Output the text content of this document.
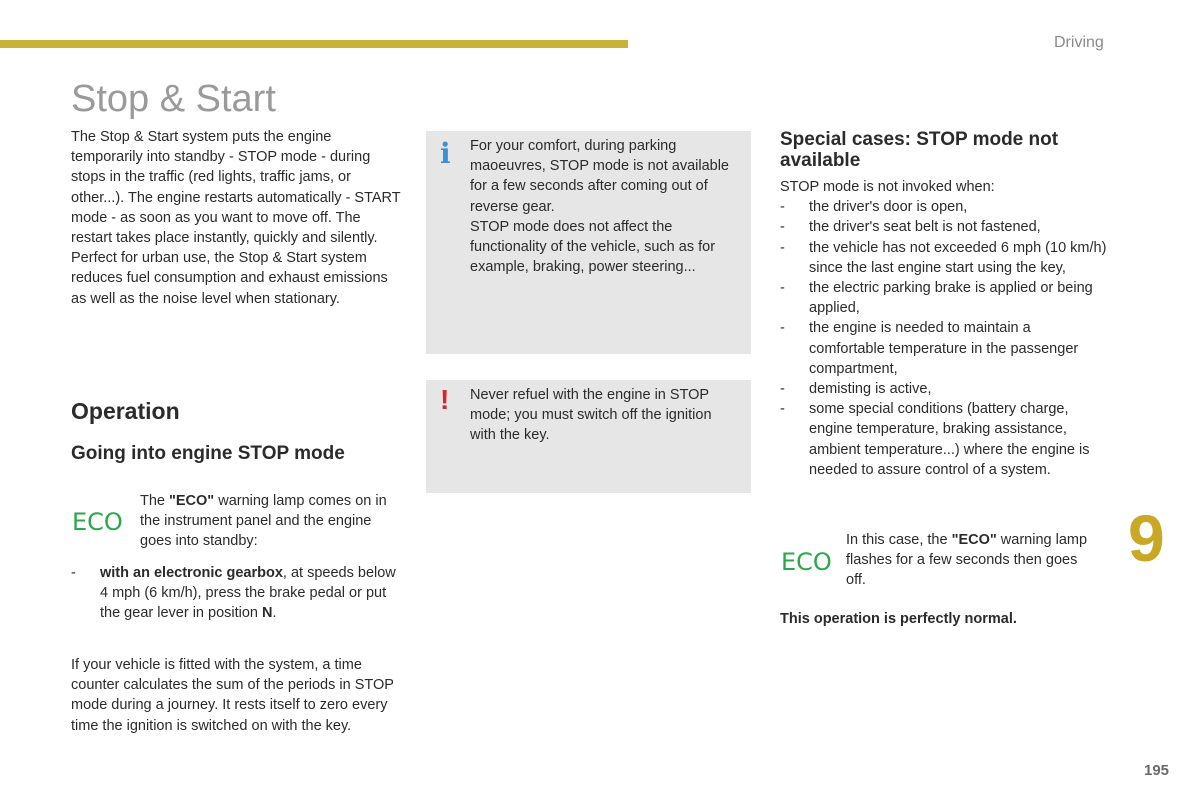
Driving
Stop & Start

The Stop & Start system puts the engine temporarily into standby - STOP mode - during stops in the traffic (red lights, traffic jams, or other...). The engine restarts automatically - START mode - as soon as you want to move off. The restart takes place instantly, quickly and silently.

Perfect for urban use, the Stop & Start system reduces fuel consumption and exhaust emissions as well as the noise level when stationary.

Operation
Going into engine STOP mode
ECO
The "ECO" warning lamp comes on in the instrument panel and the engine goes into standby:
- with an electronic gearbox, at speeds below 4 mph (6 km/h), press the brake pedal or put the gear lever in position N.
If your vehicle is fitted with the system, a time counter calculates the sum of the periods in STOP mode during a journey. It rests itself to zero every time the ignition is switched on with the key.
i For your comfort, during parking maoeuvres, STOP mode is not available for a few seconds after coming out of reverse gear.

STOP mode does not affect the functionality of the vehicle, such as for example, braking, power steering...

! Never refuel with the engine in STOP mode; you must switch off the ignition with the key.
Special cases: STOP mode not available
STOP mode is not invoked when:
- the driver's door is open,
- the driver's seat belt is not fastened,
- the vehicle has not exceeded 6 mph (10 km/h) since the last engine start using the key,
- the electric parking brake is applied or being applied,
- the engine is needed to maintain a comfortable temperature in the passenger compartment,
- demisting is active,
- some special conditions (battery charge, engine temperature, braking assistance, ambient temperature...) where the engine is needed to assure control of a system.
ECO
In this case, the "ECO" warning lamp flashes for a few seconds then goes off.
This operation is perfectly normal.
9
195
